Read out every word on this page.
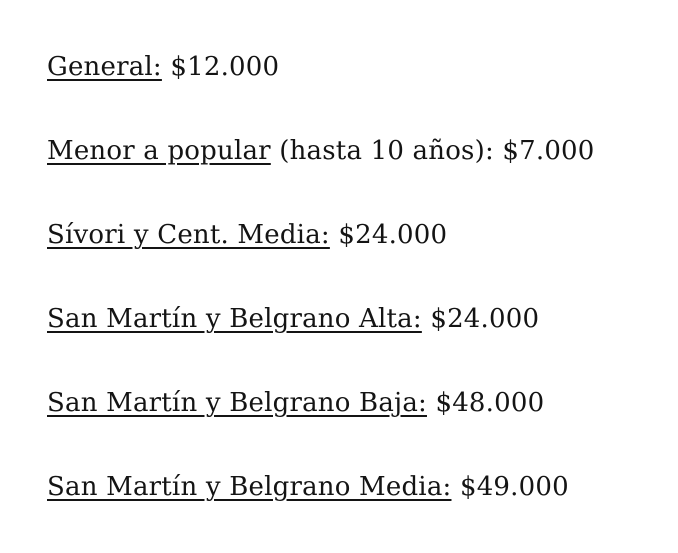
General: $12.000

Menor a popular (hasta 10 años): $7.000

Sívori y Cent. Media: $24.000

San Martín y Belgrano Alta: $24.000

San Martín y Belgrano Baja: $48.000

San Martín y Belgrano Media: $49.000
